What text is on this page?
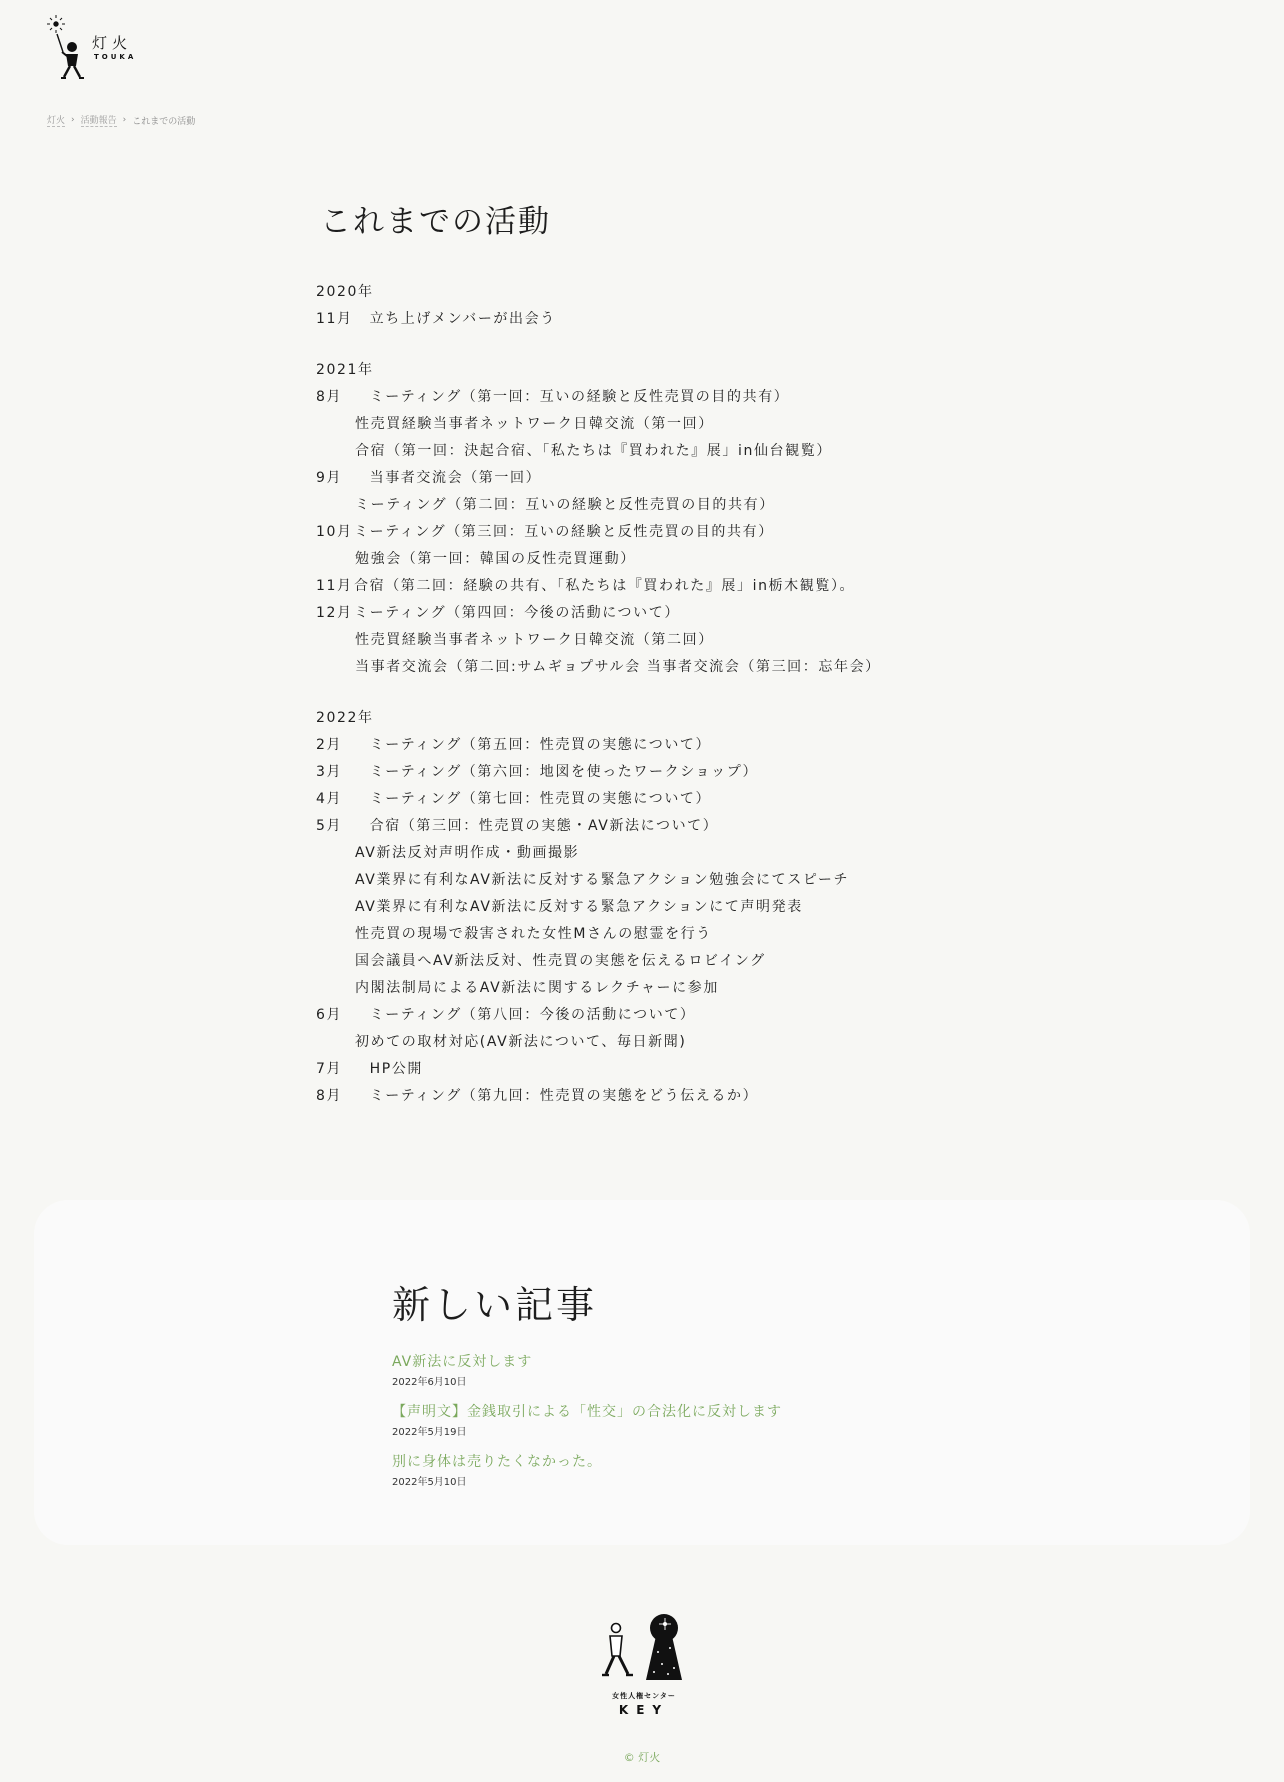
灯火
TOUKA
灯火 › 活動報告 › これまでの活動
これまでの活動
2020年
11月　立ち上げメンバーが出会う
2021年
8月　ミーティング（第一回：互いの経験と反性売買の目的共有）
性売買経験当事者ネットワーク日韓交流（第一回）
合宿（第一回：決起合宿、「私たちは『買われた』展」in仙台観覧）
9月　当事者交流会（第一回）
ミーティング（第二回：互いの経験と反性売買の目的共有）
10月ミーティング（第三回：互いの経験と反性売買の目的共有）
勉強会（第一回：韓国の反性売買運動）
11月合宿（第二回：経験の共有、「私たちは『買われた』展」in栃木観覧）。
12月ミーティング（第四回：今後の活動について）
性売買経験当事者ネットワーク日韓交流（第二回）
当事者交流会（第二回:サムギョプサル会 当事者交流会（第三回：忘年会）
2022年
2月　ミーティング（第五回：性売買の実態について）
3月　ミーティング（第六回：地図を使ったワークショップ）
4月　ミーティング（第七回：性売買の実態について）
5月　合宿（第三回：性売買の実態・AV新法について）
AV新法反対声明作成・動画撮影
AV業界に有利なAV新法に反対する緊急アクション勉強会にてスピーチ
AV業界に有利なAV新法に反対する緊急アクションにて声明発表
性売買の現場で殺害された女性Mさんの慰霊を行う
国会議員へAV新法反対、性売買の実態を伝えるロビイング
内閣法制局によるAV新法に関するレクチャーに参加
6月　ミーティング（第八回：今後の活動について）
初めての取材対応(AV新法について、毎日新聞)
7月　HP公開
8月　ミーティング（第九回：性売買の実態をどう伝えるか）
新しい記事
AV新法に反対します
2022年6月10日
【声明文】金銭取引による「性交」の合法化に反対します
2022年5月19日
別に身体は売りたくなかった。
2022年5月10日
女性人権センター
KEY
© 灯火
